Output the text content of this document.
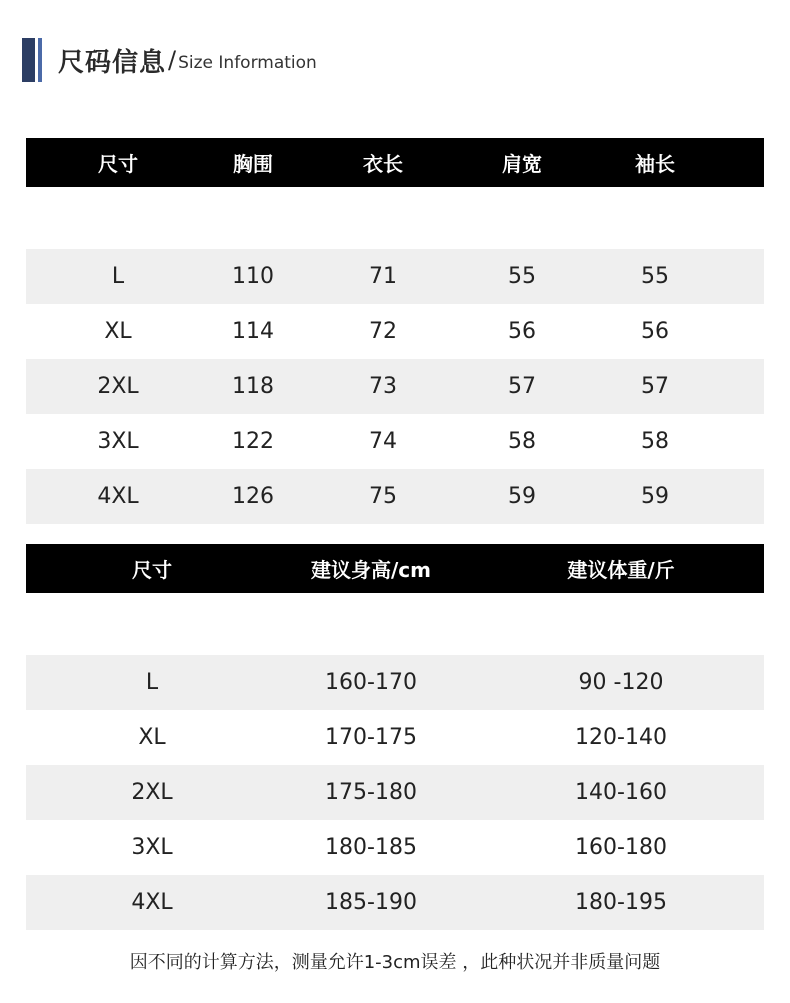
尺码信息 / Size Information
尺寸	胸围	衣长	肩宽	袖长
L	110	71	55	55
XL	114	72	56	56
2XL	118	73	57	57
3XL	122	74	58	58
4XL	126	75	59	59
尺寸	建议身高/cm	建议体重/斤
L	160-170	90 -120
XL	170-175	120-140
2XL	175-180	140-160
3XL	180-185	160-180
4XL	185-190	180-195
因不同的计算方法，测量允许1-3cm误差 ，此种状况并非质量问题
